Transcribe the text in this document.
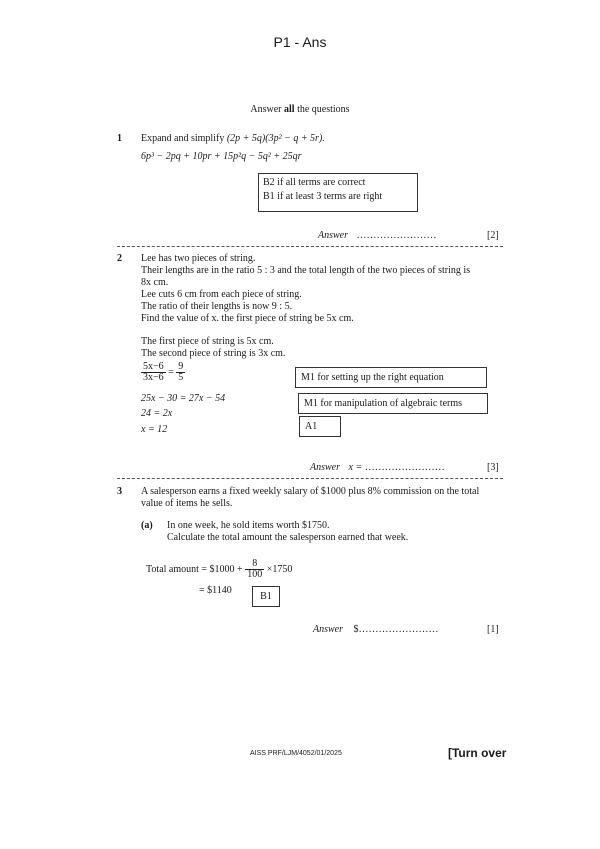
P1 - Ans
Answer all the questions
1 Expand and simplify (2p + 5q)(3p² − q + 5r).
6p³ − 2pq + 10pr + 15p²q − 5q² + 25qr
B2 if all terms are correct
B1 if at least 3 terms are right
Answer ……………………	[2]
2 Lee has two pieces of string.
Their lengths are in the ratio 5 : 3 and the total length of the two pieces of string is
8x cm.
Lee cuts 6 cm from each piece of string.
The ratio of their lengths is now 9 : 5.
Find the value of x. the first piece of string be 5x cm.
The first piece of string is 5x cm.
The second piece of string is 3x cm.
$\frac{5x-6}{3x-6} = \frac{9}{5}$
25x − 30 = 27x − 54
24 = 2x
x = 12
M1 for setting up the right equation
M1 for manipulation of algebraic terms
A1
Answer x = ……………………	[3]
3 A salesperson earns a fixed weekly salary of $1000 plus 8% commission on the total
value of items he sells.
(a) In one week, he sold items worth $1750.
Calculate the total amount the salesperson earned that week.
Total amount = $1000 + $\frac{8}{100} \times 1750$
= $1140
B1
Answer $……………………	[1]
AISS PRF/LJM/4052/01/2025	[Turn over
